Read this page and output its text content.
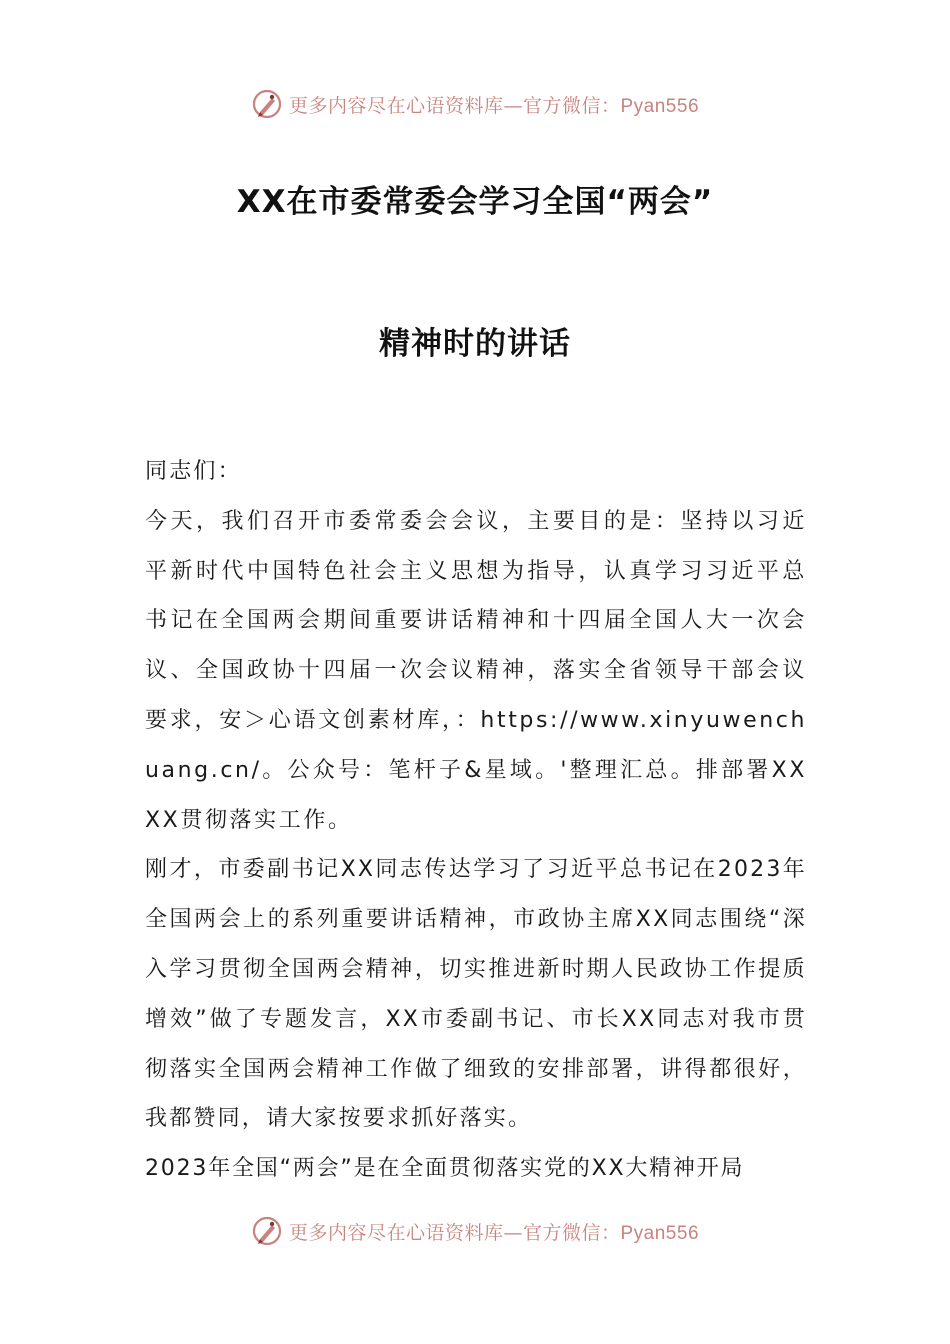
更多内容尽在心语资料库—官方微信：Pyan556
XX在市委常委会学习全国“两会”
精神时的讲话

同志们：

今天，我们召开市委常委会会议，主要目的是：坚持以习近平新时代中国特色社会主义思想为指导，认真学习习近平总书记在全国两会期间重要讲话精神和十四届全国人大一次会议、全国政协十四届一次会议精神，落实全省领导干部会议要求，安＞心语文创素材库，：https://www.xinyuwenchuang.cn/。公众号：笔杆子&星域。'整理汇总。排部署XXXX贯彻落实工作。

刚才，市委副书记XX同志传达学习了习近平总书记在2023年全国两会上的系列重要讲话精神，市政协主席XX同志围绕“深入学习贯彻全国两会精神，切实推进新时期人民政协工作提质增效”做了专题发言，XX市委副书记、市长XX同志对我市贯彻落实全国两会精神工作做了细致的安排部署，讲得都很好，我都赞同，请大家按要求抓好落实。

2023年全国“两会”是在全面贯彻落实党的XX大精神开局

更多内容尽在心语资料库—官方微信：Pyan556
